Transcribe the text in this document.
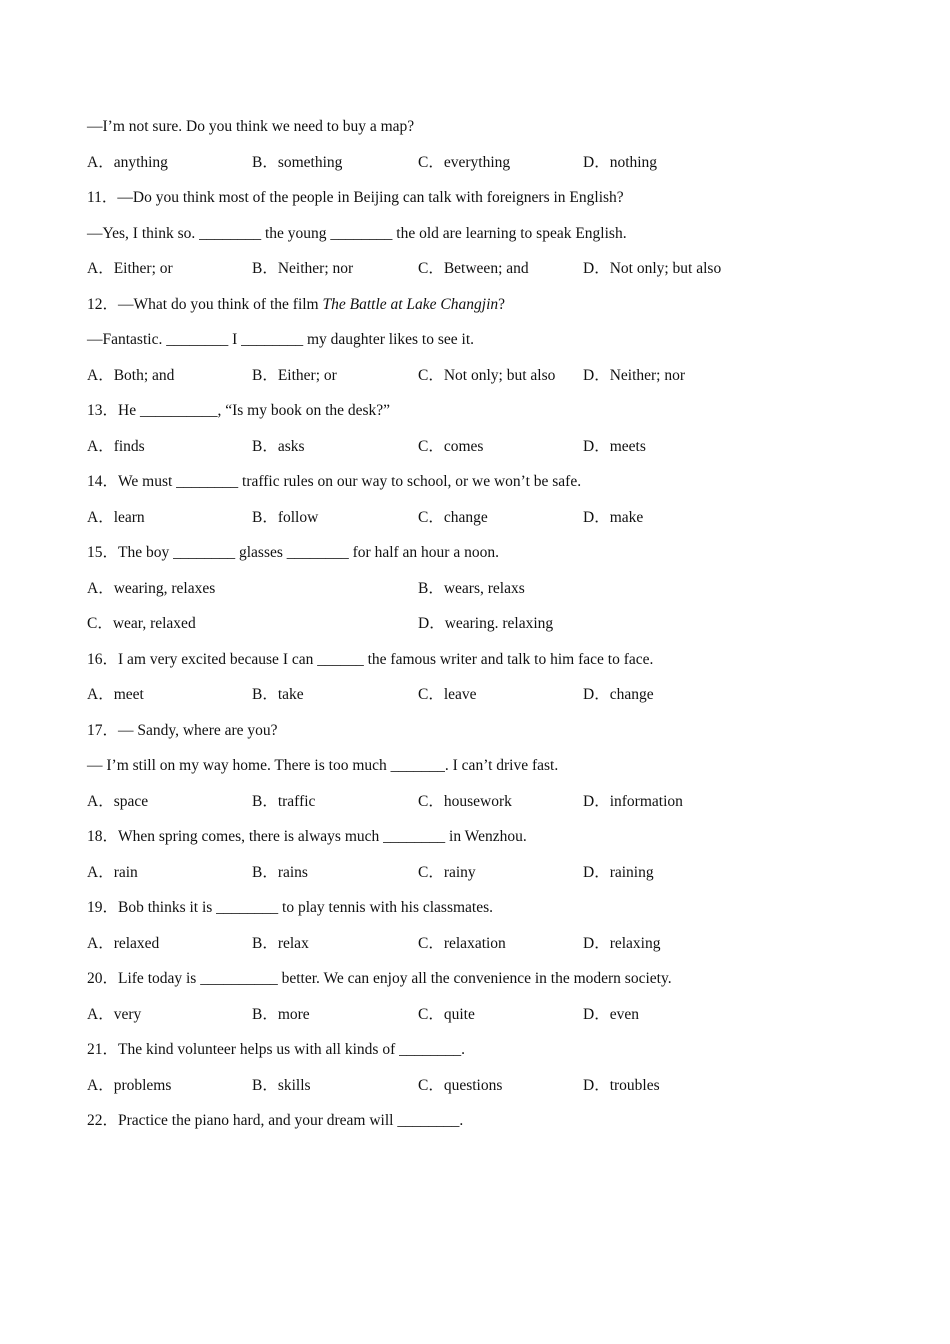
—I’m not sure. Do you think we need to buy a map?
A．anything	B．something	C．everything	D．nothing
11．—Do you think most of the people in Beijing can talk with foreigners in English?
—Yes, I think so. ________ the young ________ the old are learning to speak English.
A．Either; or	B．Neither; nor	C．Between; and	D．Not only; but also
12．—What do you think of the film The Battle at Lake Changjin?
—Fantastic. ________ I ________ my daughter likes to see it.
A．Both; and	B．Either; or	C．Not only; but also D．Neither; nor
13．He __________, “Is my book on the desk?”
A．finds	B．asks	C．comes	D．meets
14．We must ________ traffic rules on our way to school, or we won’t be safe.
A．learn	B．follow	C．change	D．make
15．The boy ________ glasses ________ for half an hour a noon.
A．wearing, relaxes	B．wears, relaxs
C．wear, relaxed	D．wearing. relaxing
16．I am very excited because I can ______ the famous writer and talk to him face to face.
A．meet	B．take	C．leave	D．change
17．— Sandy, where are you?
— I’m still on my way home. There is too much _______. I can’t drive fast.
A．space	B．traffic	C．housework	D．information
18．When spring comes, there is always much ________ in Wenzhou.
A．rain	B．rains	C．rainy	D．raining
19．Bob thinks it is ________ to play tennis with his classmates.
A．relaxed	B．relax	C．relaxation	D．relaxing
20．Life today is __________ better. We can enjoy all the convenience in the modern society.
A．very	B．more	C．quite	D．even
21．The kind volunteer helps us with all kinds of ________.
A．problems	B．skills	C．questions	D．troubles
22．Practice the piano hard, and your dream will ________.
